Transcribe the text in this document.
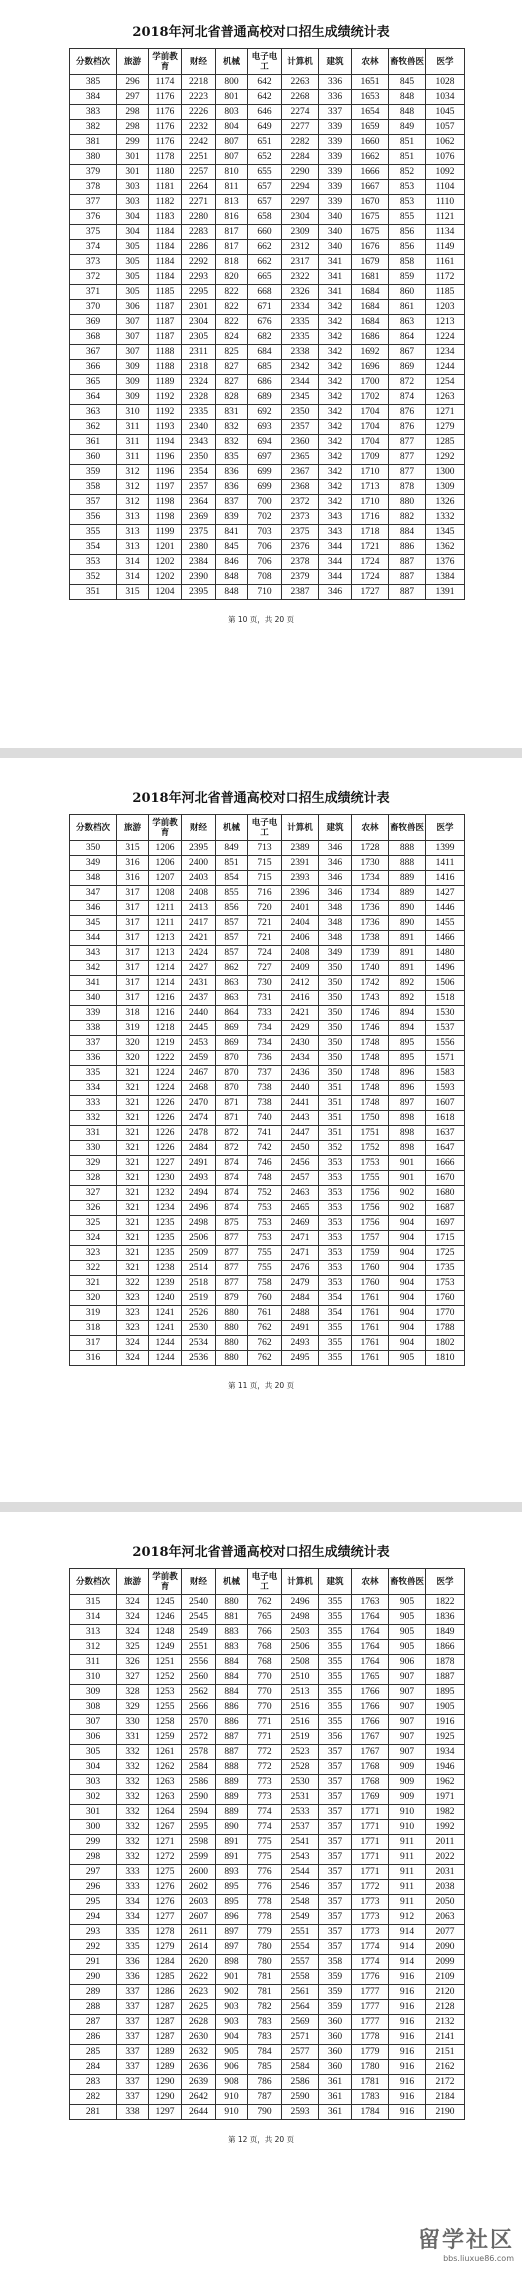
2018年河北省普通高校对口招生成绩统计表
分数档次	旅游	学前教育	财经	机械	电子电工	计算机	建筑	农林	畜牧兽医	医学
385	296	1174	2218	800	642	2263	336	1651	845	1028
384	297	1176	2223	801	642	2268	336	1653	848	1034
383	298	1176	2226	803	646	2274	337	1654	848	1045
382	298	1176	2232	804	649	2277	339	1659	849	1057
381	299	1176	2242	807	651	2282	339	1660	851	1062
380	301	1178	2251	807	652	2284	339	1662	851	1076
379	301	1180	2257	810	655	2290	339	1666	852	1092
378	303	1181	2264	811	657	2294	339	1667	853	1104
377	303	1182	2271	813	657	2297	339	1670	853	1110
376	304	1183	2280	816	658	2304	340	1675	855	1121
375	304	1184	2283	817	660	2309	340	1675	856	1134
374	305	1184	2286	817	662	2312	340	1676	856	1149
373	305	1184	2292	818	662	2317	341	1679	858	1161
372	305	1184	2293	820	665	2322	341	1681	859	1172
371	305	1185	2295	822	668	2326	341	1684	860	1185
370	306	1187	2301	822	671	2334	342	1684	861	1203
369	307	1187	2304	822	676	2335	342	1684	863	1213
368	307	1187	2305	824	682	2335	342	1686	864	1224
367	307	1188	2311	825	684	2338	342	1692	867	1234
366	309	1188	2318	827	685	2342	342	1696	869	1244
365	309	1189	2324	827	686	2344	342	1700	872	1254
364	309	1192	2328	828	689	2345	342	1702	874	1263
363	310	1192	2335	831	692	2350	342	1704	876	1271
362	311	1193	2340	832	693	2357	342	1704	876	1279
361	311	1194	2343	832	694	2360	342	1704	877	1285
360	311	1196	2350	835	697	2365	342	1709	877	1292
359	312	1196	2354	836	699	2367	342	1710	877	1300
358	312	1197	2357	836	699	2368	342	1713	878	1309
357	312	1198	2364	837	700	2372	342	1710	880	1326
356	313	1198	2369	839	702	2373	343	1716	882	1332
355	313	1199	2375	841	703	2375	343	1718	884	1345
354	313	1201	2380	845	706	2376	344	1721	886	1362
353	314	1202	2384	846	706	2378	344	1724	887	1376
352	314	1202	2390	848	708	2379	344	1724	887	1384
351	315	1204	2395	848	710	2387	346	1727	887	1391
第 10 页，共 20 页
2018年河北省普通高校对口招生成绩统计表
分数档次	旅游	学前教育	财经	机械	电子电工	计算机	建筑	农林	畜牧兽医	医学
350	315	1206	2395	849	713	2389	346	1728	888	1399
349	316	1206	2400	851	715	2391	346	1730	888	1411
348	316	1207	2403	854	715	2393	346	1734	889	1416
347	317	1208	2408	855	716	2396	346	1734	889	1427
346	317	1211	2413	856	720	2401	348	1736	890	1446
345	317	1211	2417	857	721	2404	348	1736	890	1455
344	317	1213	2421	857	721	2406	348	1738	891	1466
343	317	1213	2424	857	724	2408	349	1739	891	1480
342	317	1214	2427	862	727	2409	350	1740	891	1496
341	317	1214	2431	863	730	2412	350	1742	892	1506
340	317	1216	2437	863	731	2416	350	1743	892	1518
339	318	1216	2440	864	733	2421	350	1746	894	1530
338	319	1218	2445	869	734	2429	350	1746	894	1537
337	320	1219	2453	869	734	2430	350	1748	895	1556
336	320	1222	2459	870	736	2434	350	1748	895	1571
335	321	1224	2467	870	737	2436	350	1748	896	1583
334	321	1224	2468	870	738	2440	351	1748	896	1593
333	321	1226	2470	871	738	2441	351	1748	897	1607
332	321	1226	2474	871	740	2443	351	1750	898	1618
331	321	1226	2478	872	741	2447	351	1751	898	1637
330	321	1226	2484	872	742	2450	352	1752	898	1647
329	321	1227	2491	874	746	2456	353	1753	901	1666
328	321	1230	2493	874	748	2457	353	1755	901	1670
327	321	1232	2494	874	752	2463	353	1756	902	1680
326	321	1234	2496	874	753	2465	353	1756	902	1687
325	321	1235	2498	875	753	2469	353	1756	904	1697
324	321	1235	2506	877	753	2471	353	1757	904	1715
323	321	1235	2509	877	755	2471	353	1759	904	1725
322	321	1238	2514	877	755	2476	353	1760	904	1735
321	322	1239	2518	877	758	2479	353	1760	904	1753
320	323	1240	2519	879	760	2484	354	1761	904	1760
319	323	1241	2526	880	761	2488	354	1761	904	1770
318	323	1241	2530	880	762	2491	355	1761	904	1788
317	324	1244	2534	880	762	2493	355	1761	904	1802
316	324	1244	2536	880	762	2495	355	1761	905	1810
第 11 页，共 20 页
2018年河北省普通高校对口招生成绩统计表
分数档次	旅游	学前教育	财经	机械	电子电工	计算机	建筑	农林	畜牧兽医	医学
315	324	1245	2540	880	762	2496	355	1763	905	1822
314	324	1246	2545	881	765	2498	355	1764	905	1836
313	324	1248	2549	883	766	2503	355	1764	905	1849
312	325	1249	2551	883	768	2506	355	1764	905	1866
311	326	1251	2556	884	768	2508	355	1764	906	1878
310	327	1252	2560	884	770	2510	355	1765	907	1887
309	328	1253	2562	884	770	2513	355	1766	907	1895
308	329	1255	2566	886	770	2516	355	1766	907	1905
307	330	1258	2570	886	771	2516	355	1766	907	1916
306	331	1259	2572	887	771	2519	356	1767	907	1925
305	332	1261	2578	887	772	2523	357	1767	907	1934
304	332	1262	2584	888	772	2528	357	1768	909	1946
303	332	1263	2586	889	773	2530	357	1768	909	1962
302	332	1263	2590	889	773	2531	357	1769	909	1971
301	332	1264	2594	889	774	2533	357	1771	910	1982
300	332	1267	2595	890	774	2537	357	1771	910	1992
299	332	1271	2598	891	775	2541	357	1771	911	2011
298	332	1272	2599	891	775	2543	357	1771	911	2022
297	333	1275	2600	893	776	2544	357	1771	911	2031
296	333	1276	2602	895	776	2546	357	1772	911	2038
295	334	1276	2603	895	778	2548	357	1773	911	2050
294	334	1277	2607	896	778	2549	357	1773	912	2063
293	335	1278	2611	897	779	2551	357	1773	914	2077
292	335	1279	2614	897	780	2554	357	1774	914	2090
291	336	1284	2620	898	780	2557	358	1774	914	2099
290	336	1285	2622	901	781	2558	359	1776	916	2109
289	337	1286	2623	902	781	2561	359	1777	916	2120
288	337	1287	2625	903	782	2564	359	1777	916	2128
287	337	1287	2628	903	783	2569	360	1777	916	2132
286	337	1287	2630	904	783	2571	360	1778	916	2141
285	337	1289	2632	905	784	2577	360	1779	916	2151
284	337	1289	2636	906	785	2584	360	1780	916	2162
283	337	1290	2639	908	786	2586	361	1781	916	2172
282	337	1290	2642	910	787	2590	361	1783	916	2184
281	338	1297	2644	910	790	2593	361	1784	916	2190
第 12 页，共 20 页
留学社区
bbs.liuxue86.com
